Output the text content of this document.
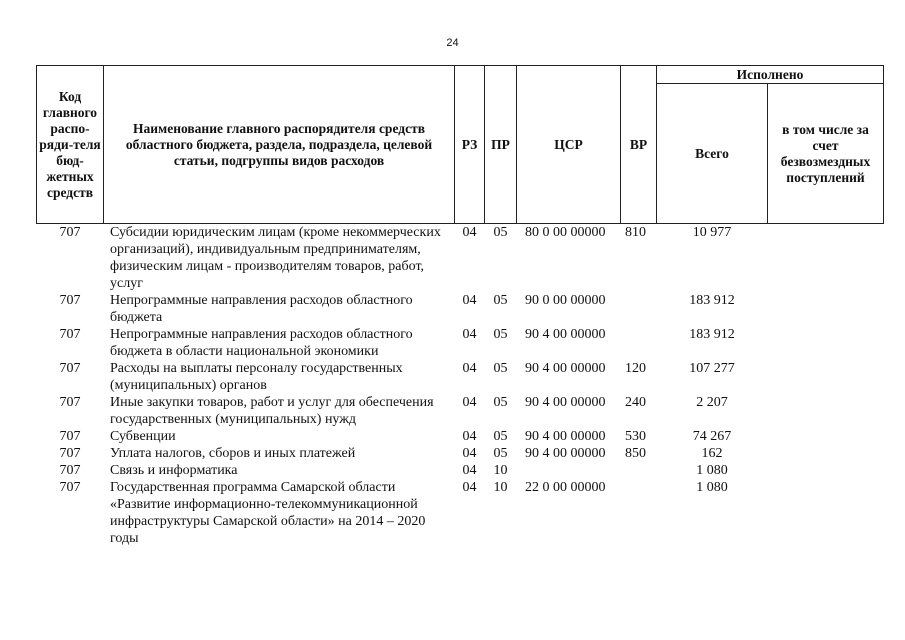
24
Код главного распо-ряди-теля бюд-жетных средств	Наименование главного распорядителя средств областного бюджета, раздела, подраздела, целевой статьи, подгруппы видов расходов	РЗ	ПР	ЦСР	ВР	Исполнено	
						Всего	в том числе за счет безвозмездных поступлений
707	Субсидии юридическим лицам (кроме некоммерческих организаций), индивидуальным предпринимателям, физическим лицам - производителям товаров, работ, услуг	04	05	80 0 00 00000	810	10 977	
707	Непрограммные направления расходов областного бюджета	04	05	90 0 00 00000		183 912	
707	Непрограммные направления расходов областного бюджета в области национальной экономики	04	05	90 4 00 00000		183 912	
707	Расходы на выплаты персоналу государственных (муниципальных) органов	04	05	90 4 00 00000	120	107 277	
707	Иные закупки товаров, работ и услуг для обеспечения государственных (муниципальных) нужд	04	05	90 4 00 00000	240	2 207	
707	Субвенции	04	05	90 4 00 00000	530	74 267	
707	Уплата налогов, сборов и иных платежей	04	05	90 4 00 00000	850	162	
707	Связь и информатика	04	10			1 080	
707	Государственная программа Самарской области «Развитие информационно-телекоммуникационной инфраструктуры Самарской области» на 2014 – 2020 годы	04	10	22 0 00 00000		1 080	
